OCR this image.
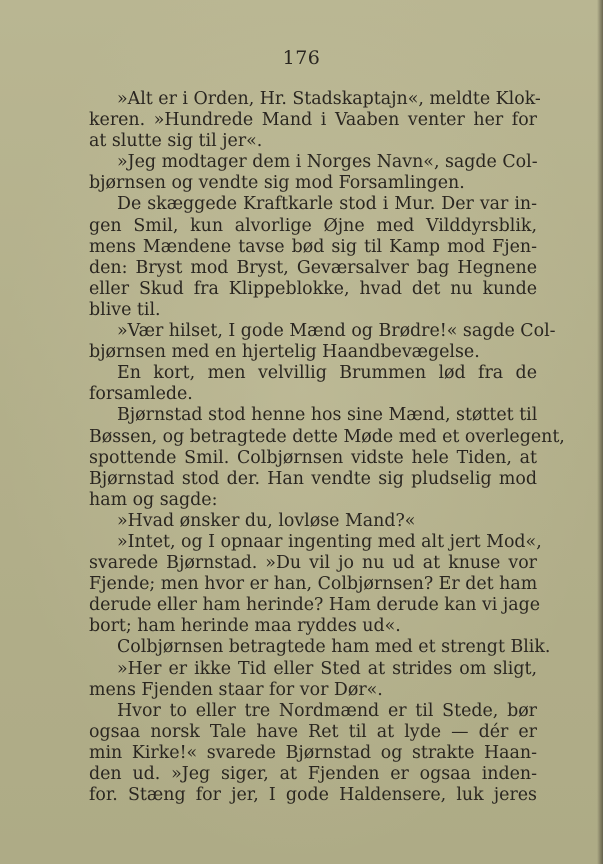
176
»Alt er i Orden, Hr. Stadskaptajn«, meldte Klok-
keren. »Hundrede Mand i Vaaben venter her for
at slutte sig til jer«.
»Jeg modtager dem i Norges Navn«, sagde Col-
bjørnsen og vendte sig mod Forsamlingen.
De skæggede Kraftkarle stod i Mur. Der var in-
gen Smil, kun alvorlige Øjne med Vilddyrsblik,
mens Mændene tavse bød sig til Kamp mod Fjen-
den: Bryst mod Bryst, Geværsalver bag Hegnene
eller Skud fra Klippeblokke, hvad det nu kunde
blive til.
»Vær hilset, I gode Mænd og Brødre!« sagde Col-
bjørnsen med en hjertelig Haandbevægelse.
En kort, men velvillig Brummen lød fra de
forsamlede.
Bjørnstad stod henne hos sine Mænd, støttet til
Bøssen, og betragtede dette Møde med et overlegent,
spottende Smil. Colbjørnsen vidste hele Tiden, at
Bjørnstad stod der. Han vendte sig pludselig mod
ham og sagde:
»Hvad ønsker du, lovløse Mand?«
»Intet, og I opnaar ingenting med alt jert Mod«,
svarede Bjørnstad. »Du vil jo nu ud at knuse vor
Fjende; men hvor er han, Colbjørnsen? Er det ham
derude eller ham herinde? Ham derude kan vi jage
bort; ham herinde maa ryddes ud«.
Colbjørnsen betragtede ham med et strengt Blik.
»Her er ikke Tid eller Sted at strides om sligt,
mens Fjenden staar for vor Dør«.
Hvor to eller tre Nordmænd er til Stede, bør
ogsaa norsk Tale have Ret til at lyde — dér er
min Kirke!« svarede Bjørnstad og strakte Haan-
den ud. »Jeg siger, at Fjenden er ogsaa inden-
for. Stæng for jer, I gode Haldensere, luk jeres
